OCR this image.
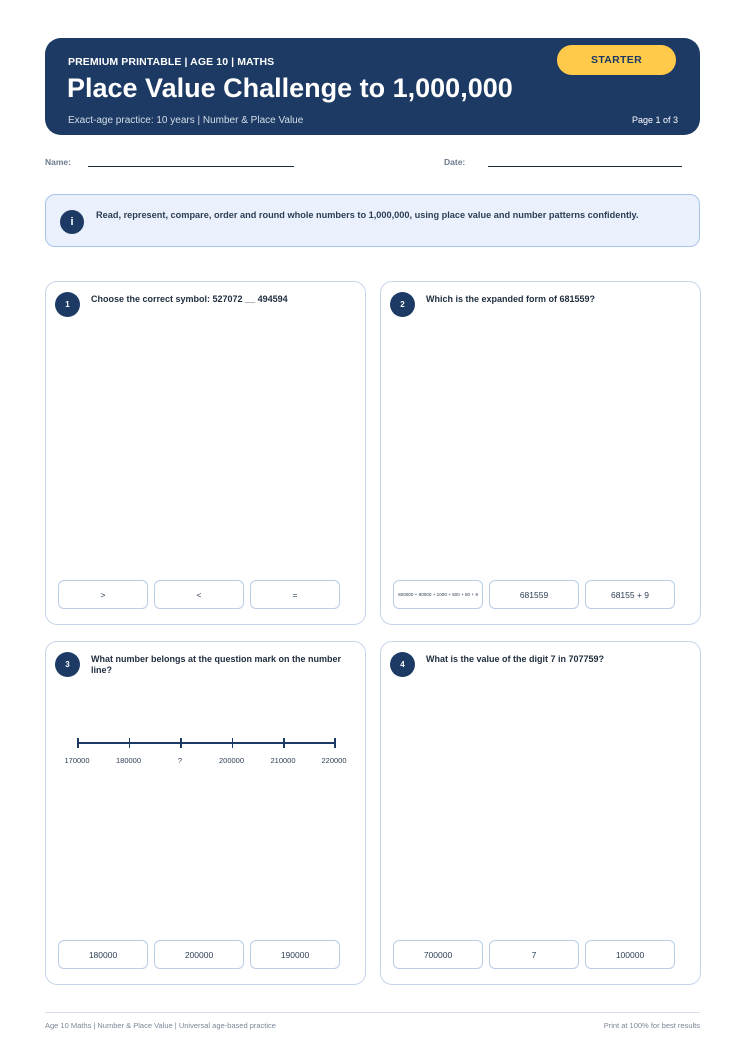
PREMIUM PRINTABLE | AGE 10 | MATHS
Place Value Challenge to 1,000,000
Exact-age practice: 10 years | Number & Place Value	Page 1 of 3
STARTER
Name:	Date:
i
Read, represent, compare, order and round whole numbers to 1,000,000, using place value and number patterns confidently.
1
Choose the correct symbol: 527072 __ 494594
>	<	=
2
Which is the expanded form of 681559?
600000 + 80000 + 1000 + 500 + 50 + 9	681559	68155 + 9
3
What number belongs at the question mark on the number line?
170000	180000	?	200000	210000	220000
180000	200000	190000
4
What is the value of the digit 7 in 707759?
700000	7	100000
Age 10 Maths | Number & Place Value | Universal age-based practice	Print at 100% for best results
